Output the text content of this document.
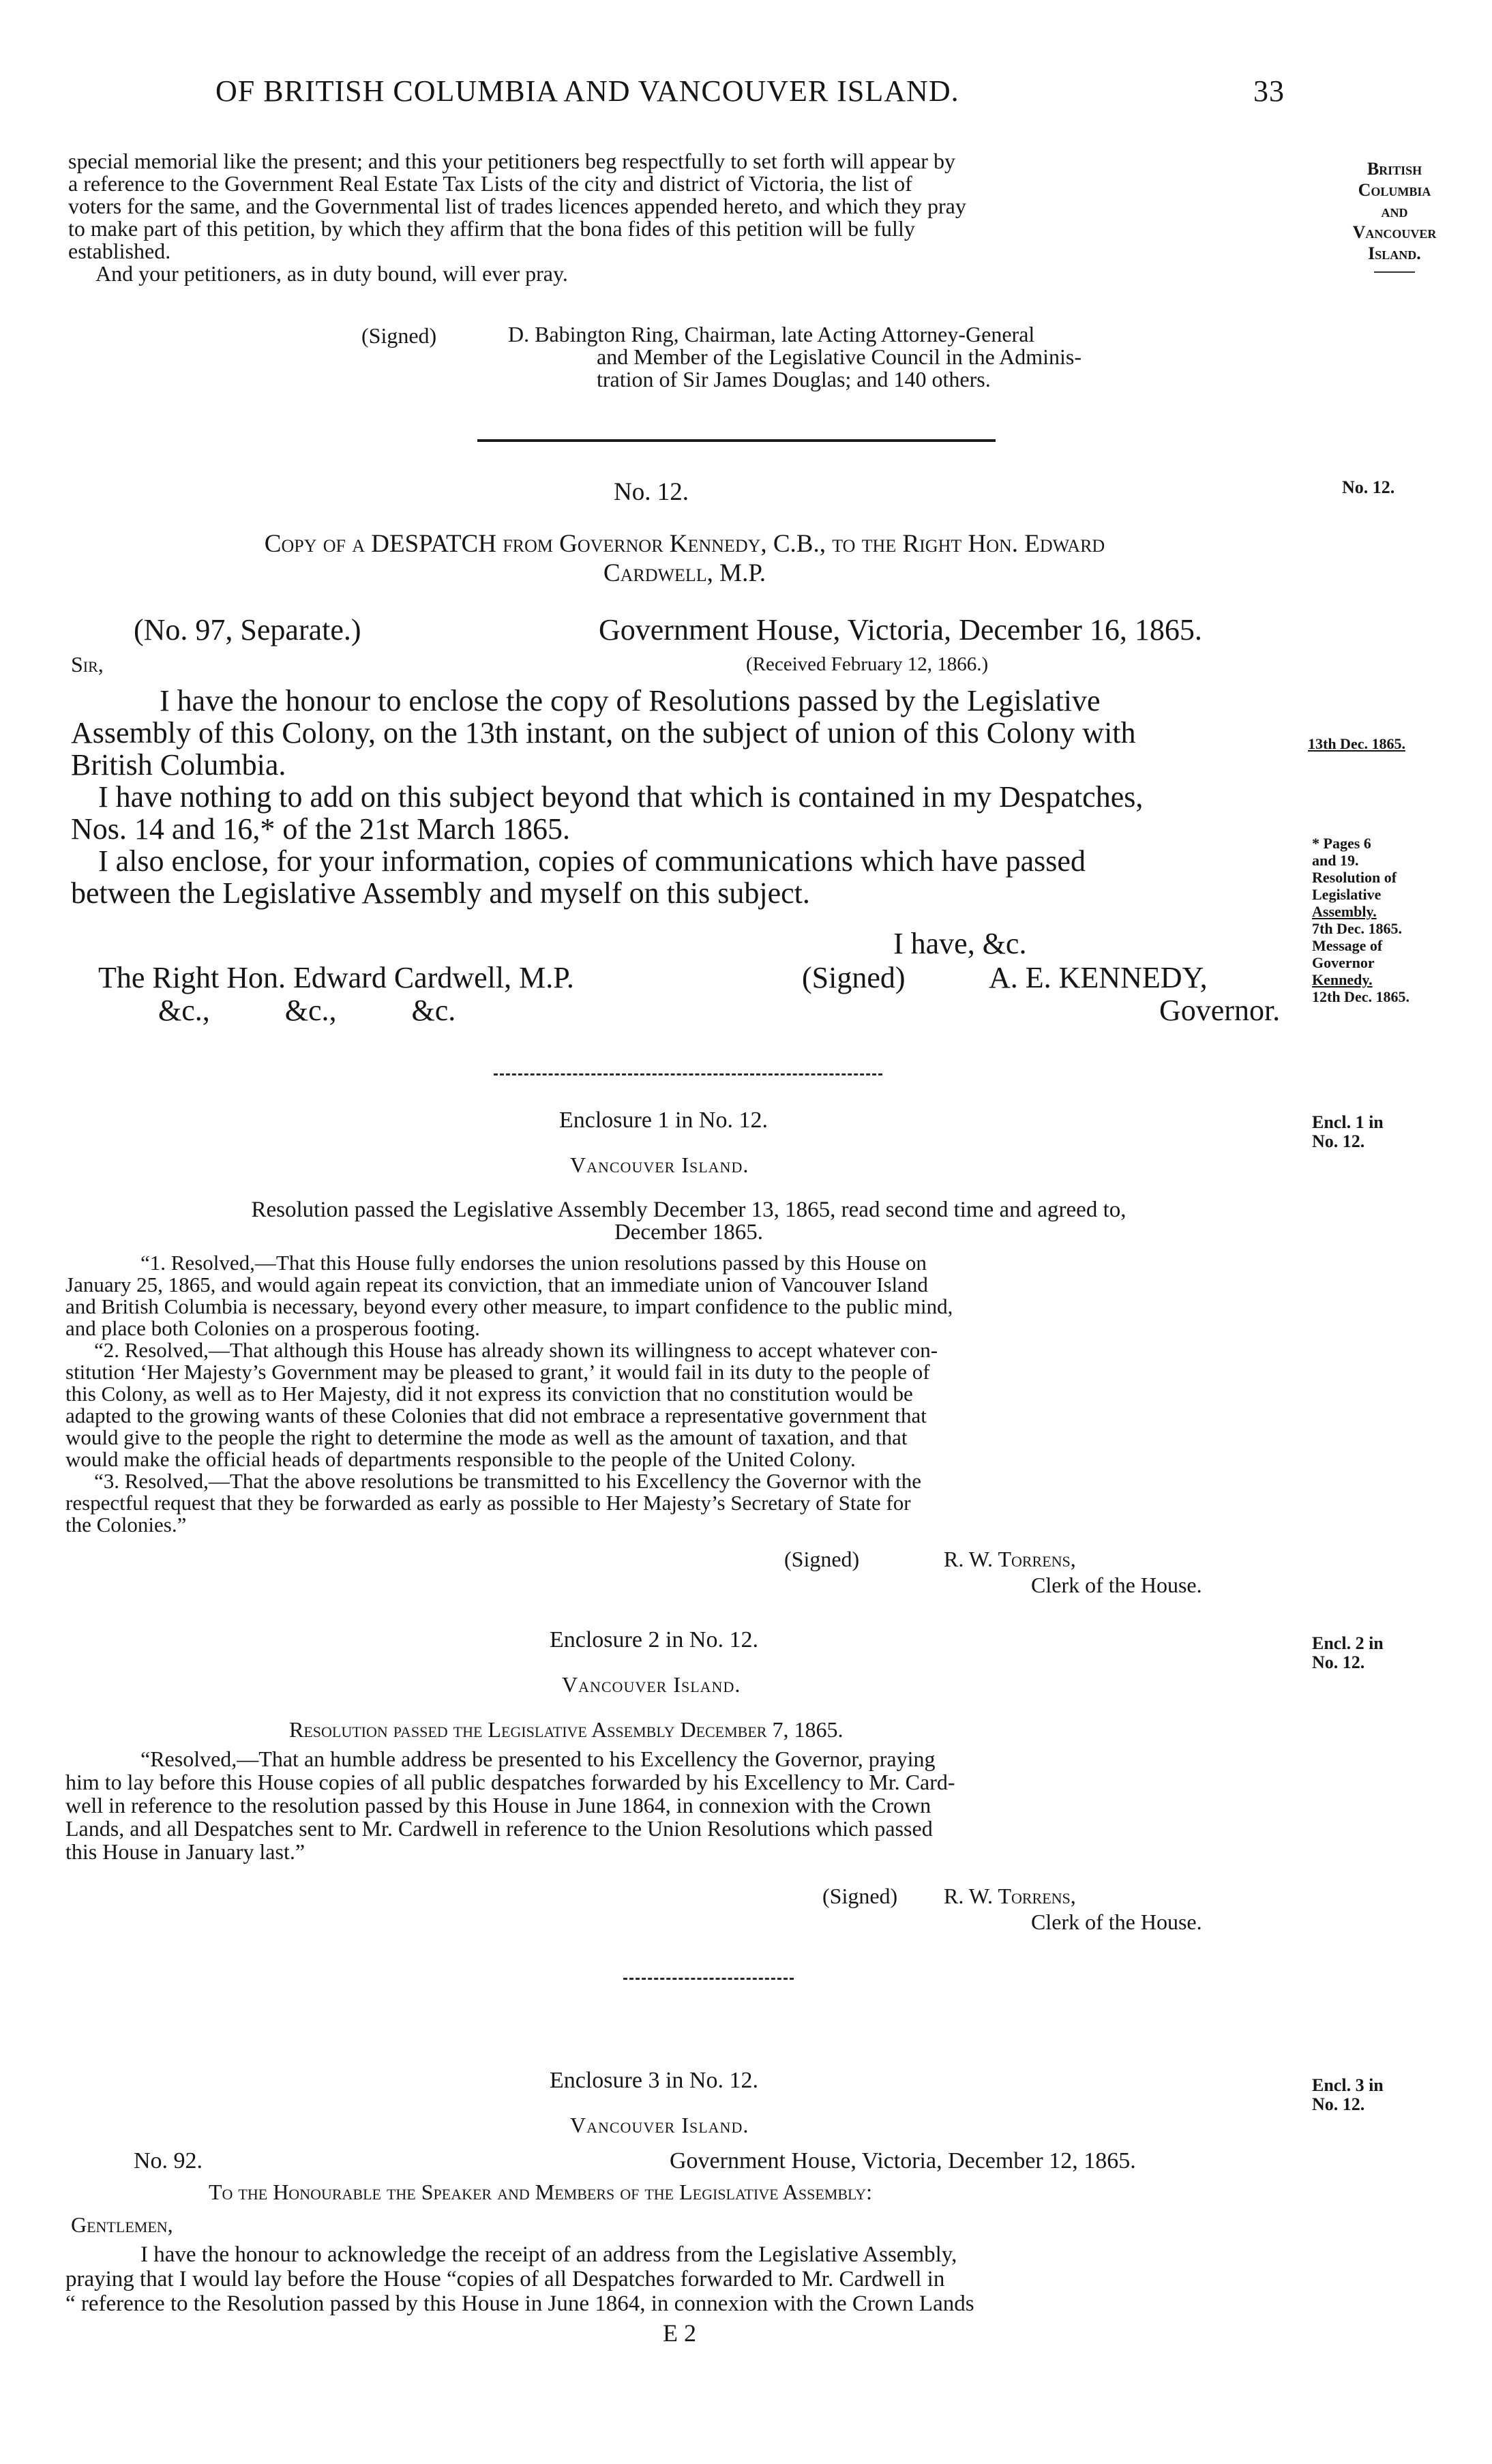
OF BRITISH COLUMBIA AND VANCOUVER ISLAND.	33
special memorial like the present; and this your petitioners beg respectfully to set forth will appear by
a reference to the Government Real Estate Tax Lists of the city and district of Victoria, the list of
voters for the same, and the Governmental list of trades licences appended hereto, and which they pray
to make part of this petition, by which they affirm that the bona fides of this petition will be fully
established.
And your petitioners, as in duty bound, will ever pray.
(Signed)	D. Babington Ring, Chairman, late Acting Attorney-General
and Member of the Legislative Council in the Adminis-
tration of Sir James Douglas; and 140 others.
British
Columbia
and
Vancouver
Island.
No. 12.	No. 12.
Copy of a DESPATCH from Governor Kennedy, C.B., to the Right Hon. Edward
Cardwell, M.P.
(No. 97, Separate.)	Government House, Victoria, December 16, 1865.
Sir,	(Received February 12, 1866.)
I have the honour to enclose the copy of Resolutions passed by the Legislative
Assembly of this Colony, on the 13th instant, on the subject of union of this Colony with
British Columbia.
I have nothing to add on this subject beyond that which is contained in my Despatches,
Nos. 14 and 16,* of the 21st March 1865.
I also enclose, for your information, copies of communications which have passed
between the Legislative Assembly and myself on this subject.
13th Dec. 1865.
I have, &c.
The Right Hon. Edward Cardwell, M.P.	(Signed)	A. E. KENNEDY,
&c.,          &c.,          &c.	Governor.
* Pages 6
and 19.
Resolution of
Legislative
Assembly.
7th Dec. 1865.
Message of
Governor
Kennedy.
12th Dec. 1865.
Enclosure 1 in No. 12.	Encl. 1 in
No. 12.
Vancouver Island.
Resolution passed the Legislative Assembly December 13, 1865, read second time and agreed to,
December 1865.
“1. Resolved,—That this House fully endorses the union resolutions passed by this House on
January 25, 1865, and would again repeat its conviction, that an immediate union of Vancouver Island
and British Columbia is necessary, beyond every other measure, to impart confidence to the public mind,
and place both Colonies on a prosperous footing.
“2. Resolved,—That although this House has already shown its willingness to accept whatever con-
stitution ‘Her Majesty’s Government may be pleased to grant,’ it would fail in its duty to the people of
this Colony, as well as to Her Majesty, did it not express its conviction that no constitution would be
adapted to the growing wants of these Colonies that did not embrace a representative government that
would give to the people the right to determine the mode as well as the amount of taxation, and that
would make the official heads of departments responsible to the people of the United Colony.
“3. Resolved,—That the above resolutions be transmitted to his Excellency the Governor with the
respectful request that they be forwarded as early as possible to Her Majesty’s Secretary of State for
the Colonies.”
(Signed)	R. W. Torrens,
Clerk of the House.
Enclosure 2 in No. 12.	Encl. 2 in
No. 12.
Vancouver Island.
Resolution passed the Legislative Assembly December 7, 1865.
“Resolved,—That an humble address be presented to his Excellency the Governor, praying
him to lay before this House copies of all public despatches forwarded by his Excellency to Mr. Card-
well in reference to the resolution passed by this House in June 1864, in connexion with the Crown
Lands, and all Despatches sent to Mr. Cardwell in reference to the Union Resolutions which passed
this House in January last.”
(Signed) R. W. Torrens,
Clerk of the House.
Enclosure 3 in No. 12.	Encl. 3 in
No. 12.
Vancouver Island.
No. 92.	Government House, Victoria, December 12, 1865.
To the Honourable the Speaker and Members of the Legislative Assembly:
Gentlemen,
I have the honour to acknowledge the receipt of an address from the Legislative Assembly,
praying that I would lay before the House “copies of all Despatches forwarded to Mr. Cardwell in
“ reference to the Resolution passed by this House in June 1864, in connexion with the Crown Lands
E 2
